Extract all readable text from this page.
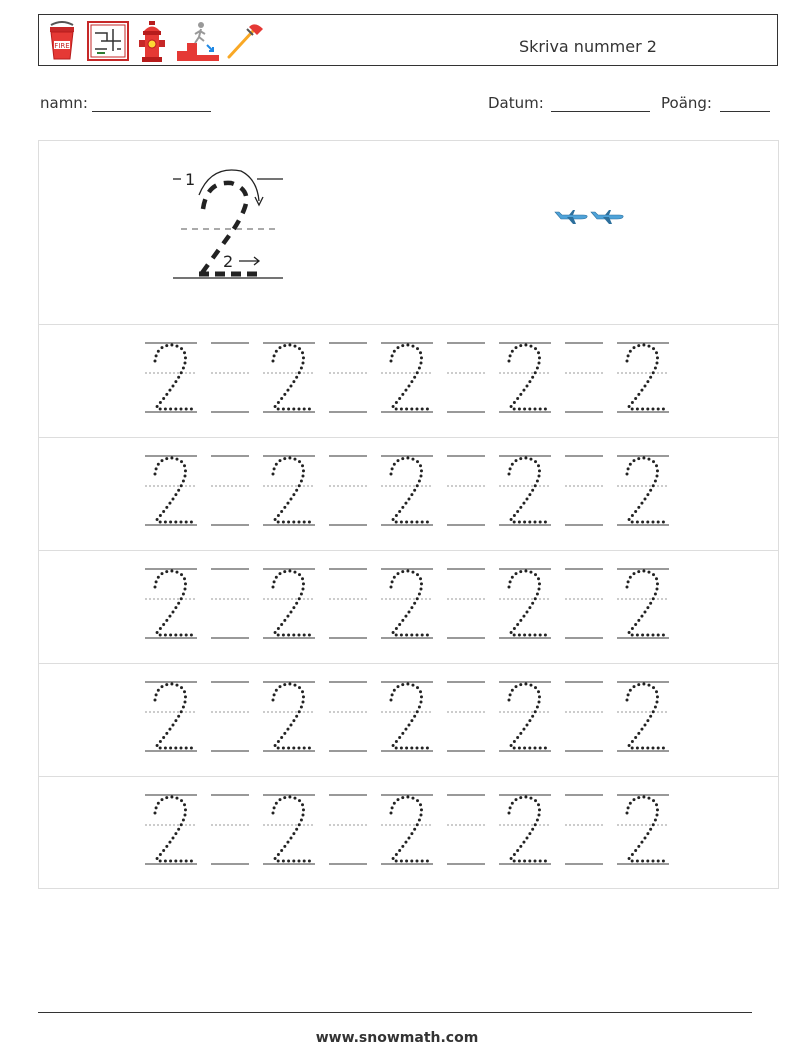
FIRE	Skriva nummer 2
namn:	Datum:	Poäng:
1
2
www.snowmath.com
